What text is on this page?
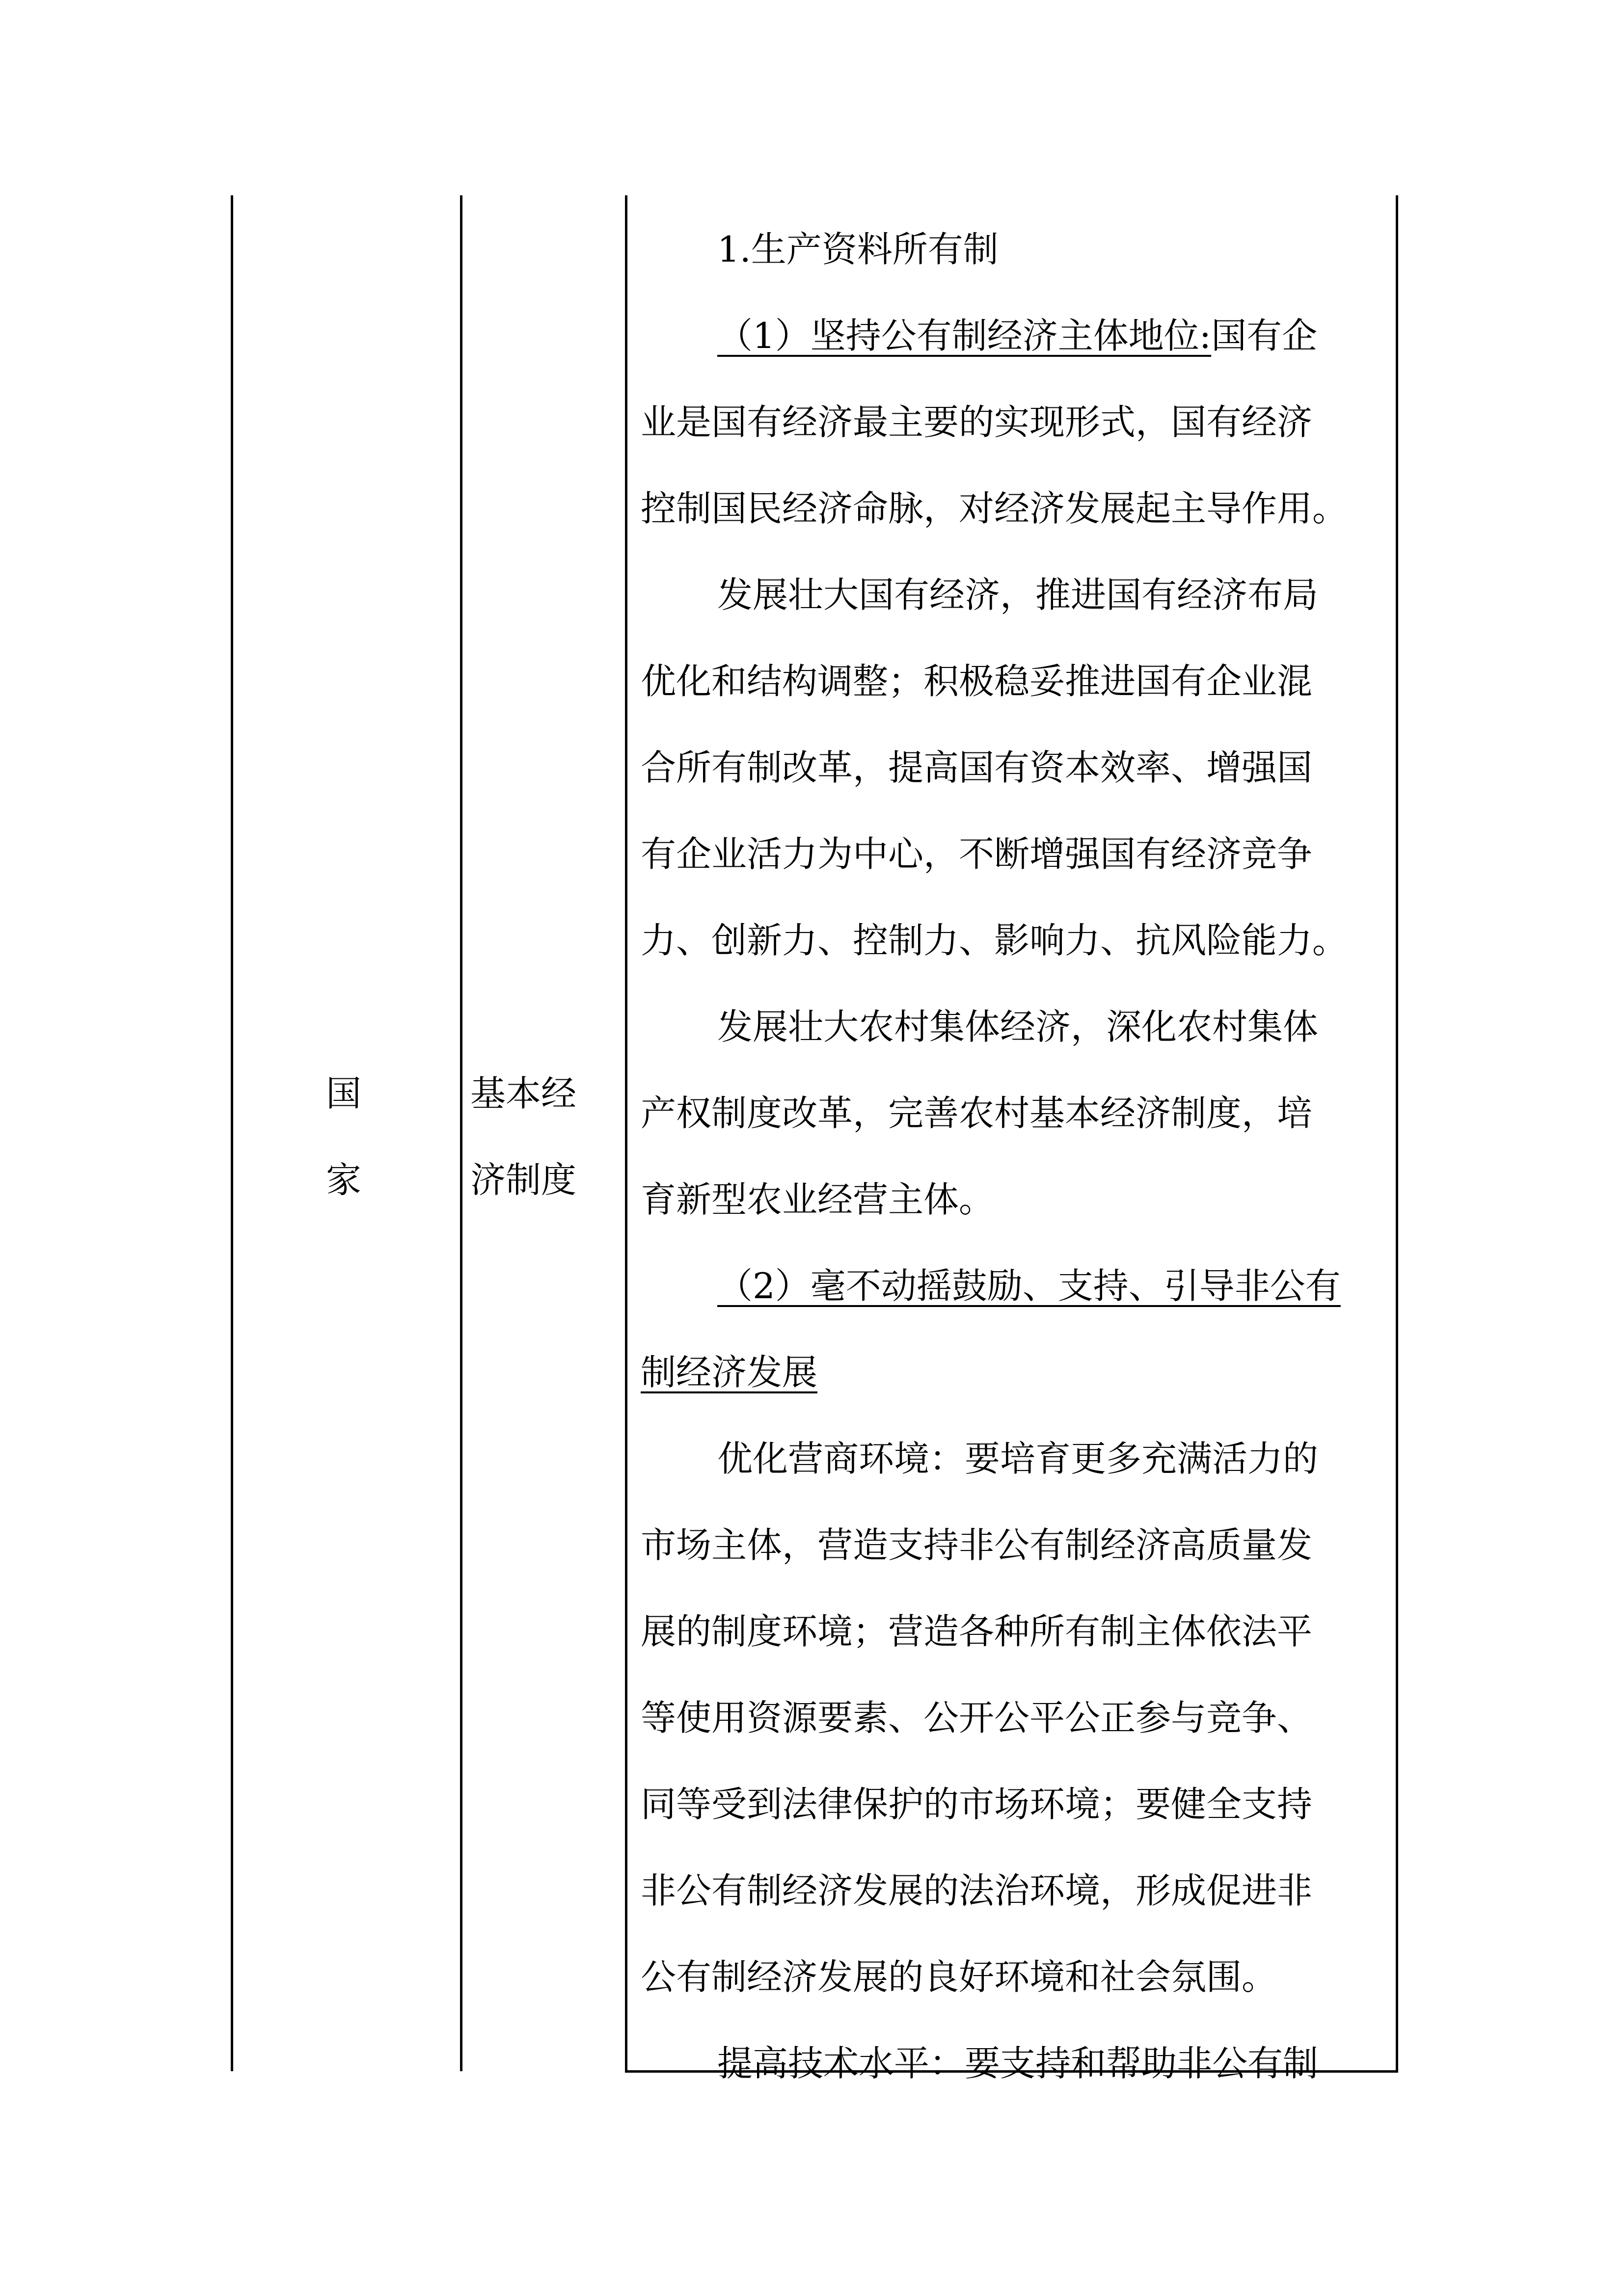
国
家
基本经
济制度
1.生产资料所有制
（1）坚持公有制经济主体地位:国有企
业是国有经济最主要的实现形式，国有经济
控制国民经济命脉，对经济发展起主导作用。
发展壮大国有经济，推进国有经济布局
优化和结构调整；积极稳妥推进国有企业混
合所有制改革，提高国有资本效率、增强国
有企业活力为中心，不断增强国有经济竞争
力、创新力、控制力、影响力、抗风险能力。
发展壮大农村集体经济，深化农村集体
产权制度改革，完善农村基本经济制度，培
育新型农业经营主体。
（2）毫不动摇鼓励、支持、引导非公有
制经济发展
优化营商环境：要培育更多充满活力的
市场主体，营造支持非公有制经济高质量发
展的制度环境；营造各种所有制主体依法平
等使用资源要素、公开公平公正参与竞争、
同等受到法律保护的市场环境；要健全支持
非公有制经济发展的法治环境，形成促进非
公有制经济发展的良好环境和社会氛围。
提高技术水平：要支持和帮助非公有制
